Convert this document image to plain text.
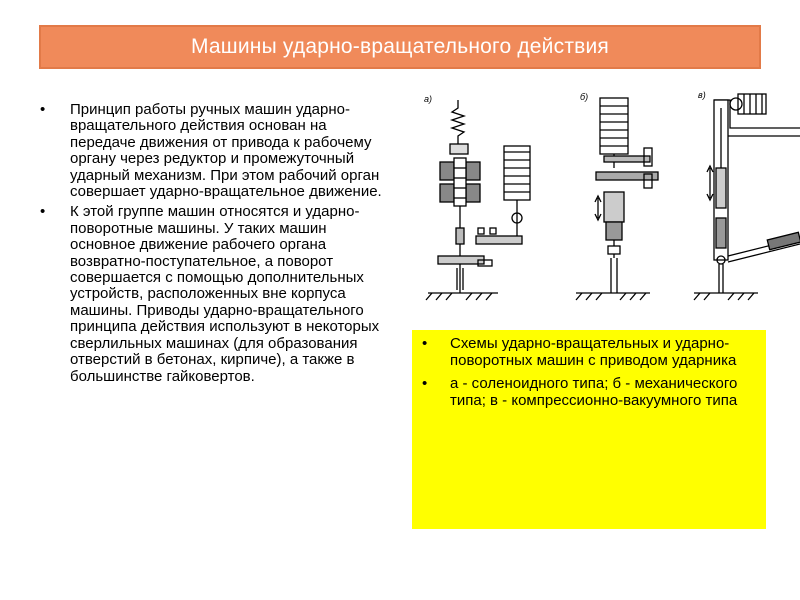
Машины ударно-вращательного действия
• Принцип работы ручных машин ударно-вращательного действия основан на передаче движения от привода к рабочему органу через редуктор и промежуточный ударный механизм. При этом рабочий орган совершает ударно-вращательное движение.
• К этой группе машин относятся и ударно-поворотные машины. У таких машин основное движение рабочего органа возвратно-поступательное, а поворот совершается с помощью дополнительных устройств, расположенных вне корпуса машины. Приводы ударно-вращательного принципа действия используют в некоторых сверлильных машинах (для образования отверстий в бетонах, кирпиче), а также в большинстве гайковертов.
а)	б)	в)
• Схемы ударно-вращательных и ударно-поворотных машин с приводом ударника
• а - соленоидного типа; б - механического типа; в - компрессионно-вакуумного типа
